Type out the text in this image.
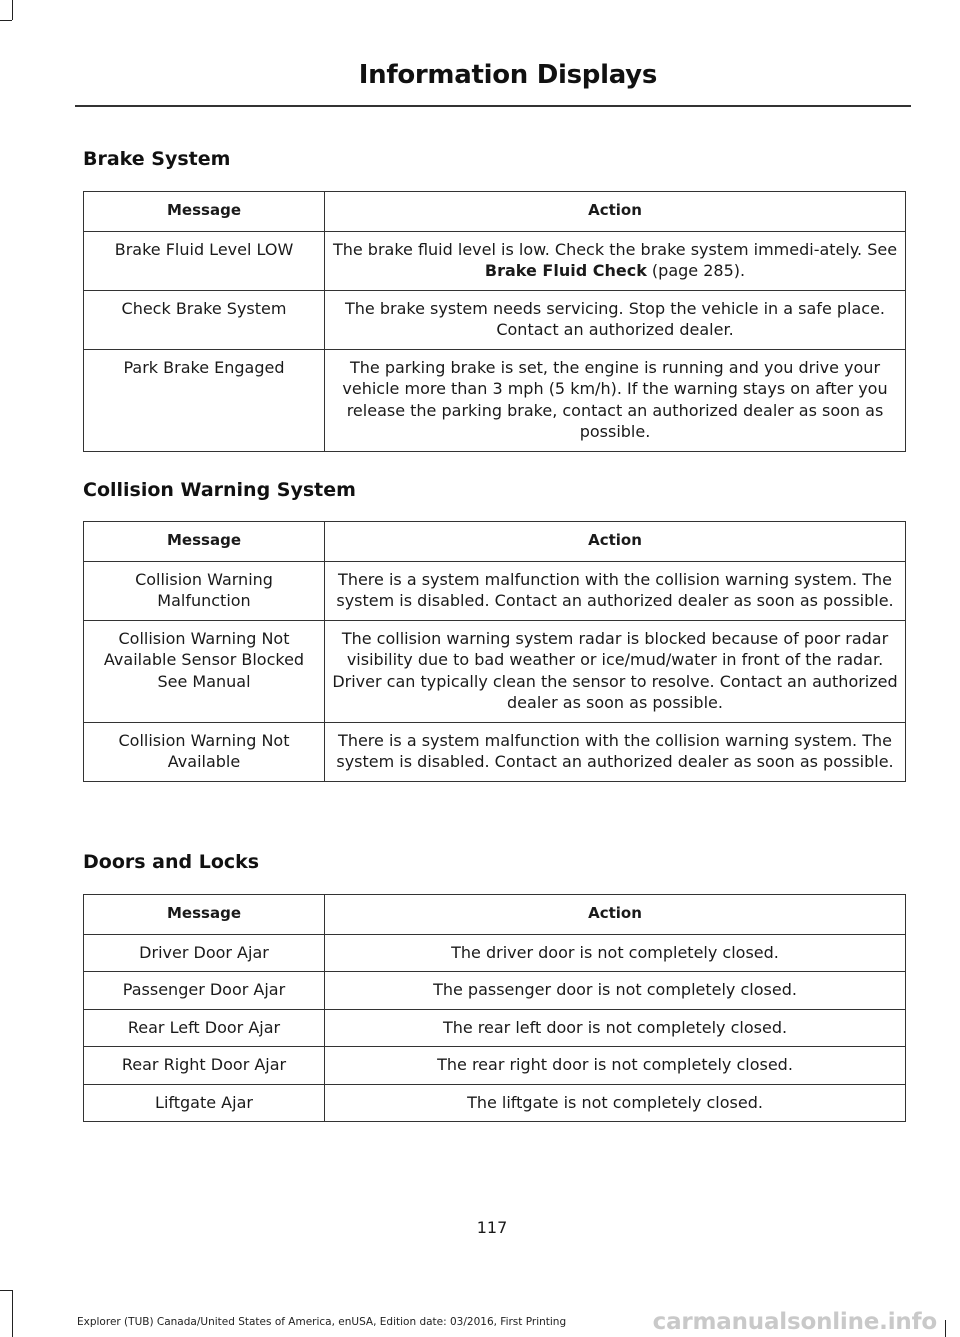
Information Displays
Brake System
Message	Action
Brake Fluid Level LOW	The brake fluid level is low. Check the brake system immedi-ately. See Brake Fluid Check (page 285).
Check Brake System	The brake system needs servicing. Stop the vehicle in a safe place. Contact an authorized dealer.
Park Brake Engaged	The parking brake is set, the engine is running and you drive your vehicle more than 3 mph (5 km/h). If the warning stays on after you release the parking brake, contact an authorized dealer as soon as possible.
Collision Warning System
Message	Action
Collision Warning Malfunction	There is a system malfunction with the collision warning system. The system is disabled. Contact an authorized dealer as soon as possible.
Collision Warning Not Available Sensor Blocked See Manual	The collision warning system radar is blocked because of poor radar visibility due to bad weather or ice/mud/water in front of the radar. Driver can typically clean the sensor to resolve. Contact an authorized dealer as soon as possible.
Collision Warning Not Available	There is a system malfunction with the collision warning system. The system is disabled. Contact an authorized dealer as soon as possible.
Doors and Locks
Message	Action
Driver Door Ajar	The driver door is not completely closed.
Passenger Door Ajar	The passenger door is not completely closed.
Rear Left Door Ajar	The rear left door is not completely closed.
Rear Right Door Ajar	The rear right door is not completely closed.
Liftgate Ajar	The liftgate is not completely closed.
117
Explorer (TUB) Canada/United States of America, enUSA, Edition date: 03/2016, First Printing	carmanualsonline.info
